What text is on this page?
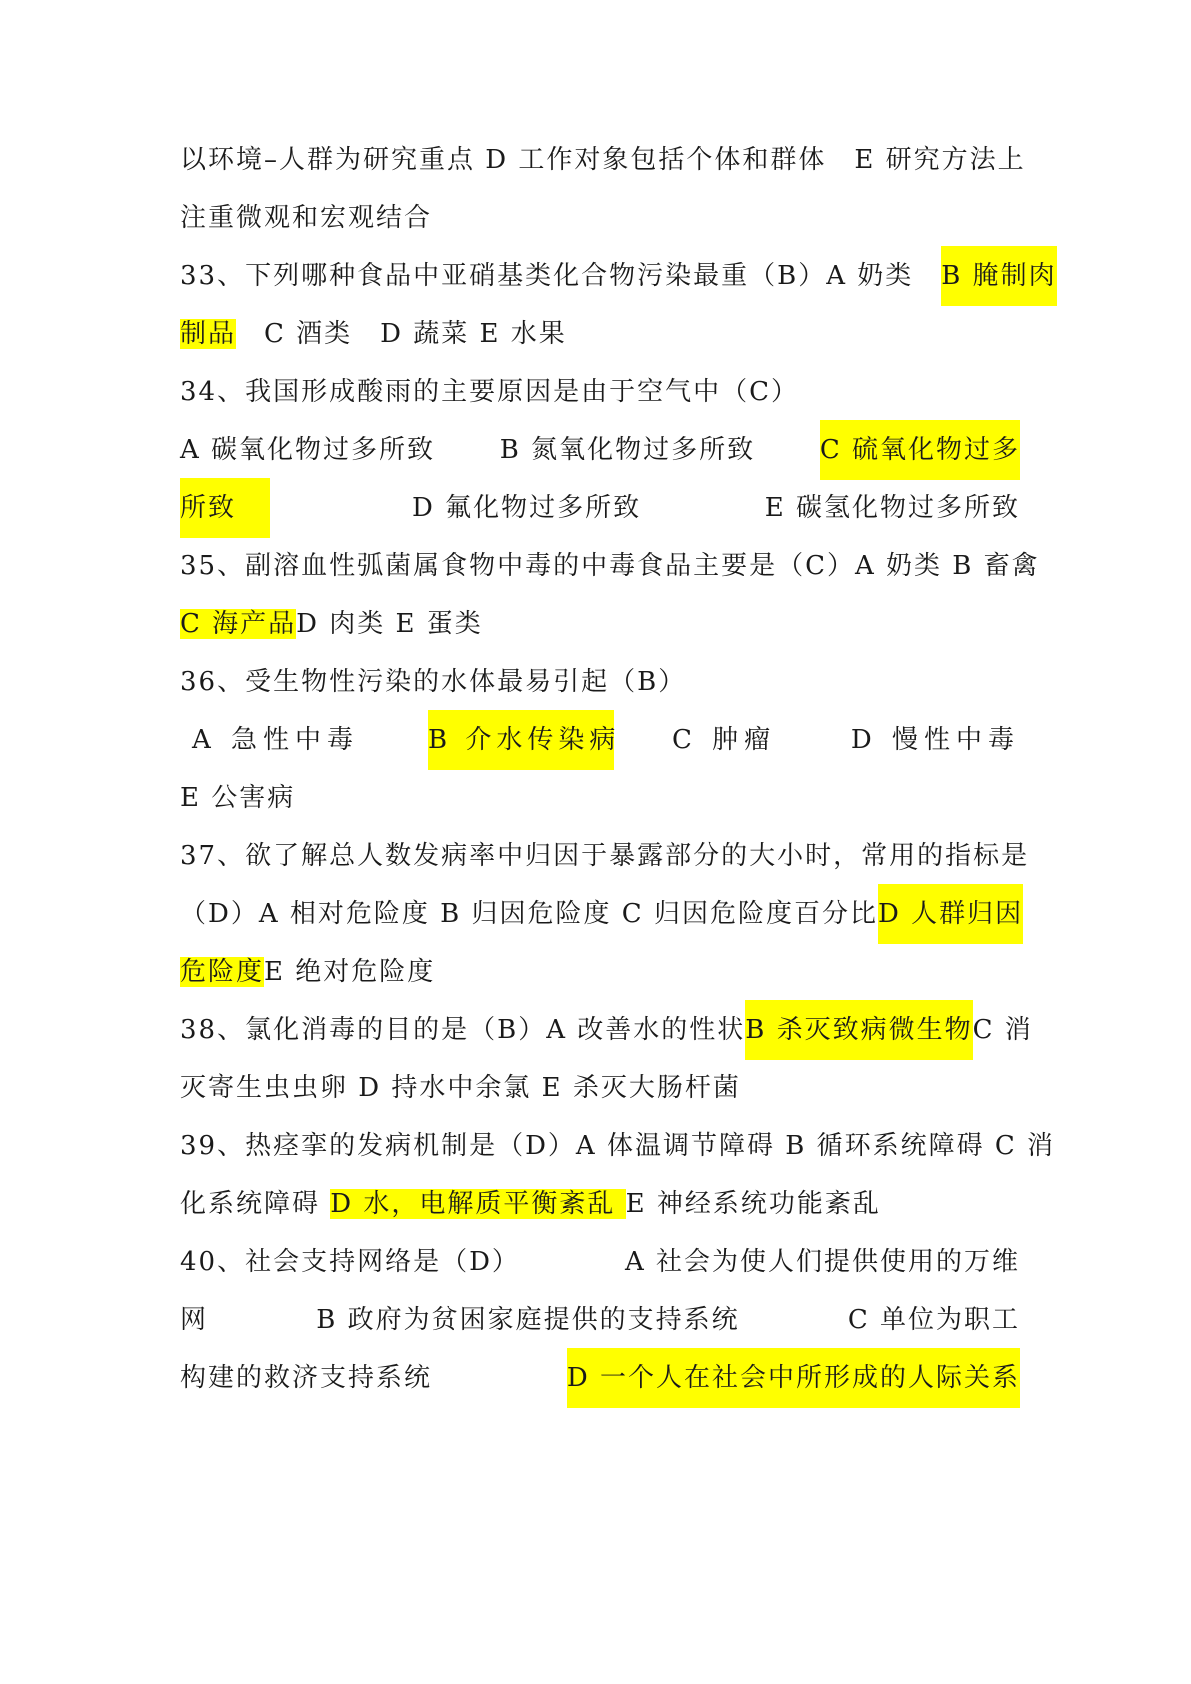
以环境–人群为研究重点 D 工作对象包括个体和群体　E 研究方法上
注重微观和宏观结合
33、下列哪种食品中亚硝基类化合物污染最重（B）A 奶类　 B 腌制肉
制品　C 酒类　D 蔬菜 E 水果
34、我国形成酸雨的主要原因是由于空气中（C）
A 碳氧化物过多所致 B 氮氧化物过多所致 C 硫氧化物过多
所致	D 氟化物过多所致	E 碳氢化物过多所致
35、副溶血性弧菌属食物中毒的中毒食品主要是（C）A 奶类 B 畜禽
C 海产品D 肉类 E 蛋类
36、受生物性污染的水体最易引起（B）
A 急性中毒	B 介水传染病 C 肿瘤	D 慢性中毒
E 公害病
37、欲了解总人数发病率中归因于暴露部分的大小时，常用的指标是
（D）A 相对危险度 B 归因危险度 C 归因危险度百分比 D 人群归因
危险度E 绝对危险度
38、氯化消毒的目的是（B）A 改善水的性状 B 杀灭致病微生物 C 消
灭寄生虫虫卵 D 持水中余氯 E 杀灭大肠杆菌
39、热痉挛的发病机制是（D）A 体温调节障碍 B 循环系统障碍 C 消
化系统障碍 D 水，电解质平衡紊乱 E 神经系统功能紊乱
40、社会支持网络是（D）	A 社会为使人们提供使用的万维
网	B 政府为贫困家庭提供的支持系统	C 单位为职工
构建的救济支持系统	D 一个人在社会中所形成的人际关系
